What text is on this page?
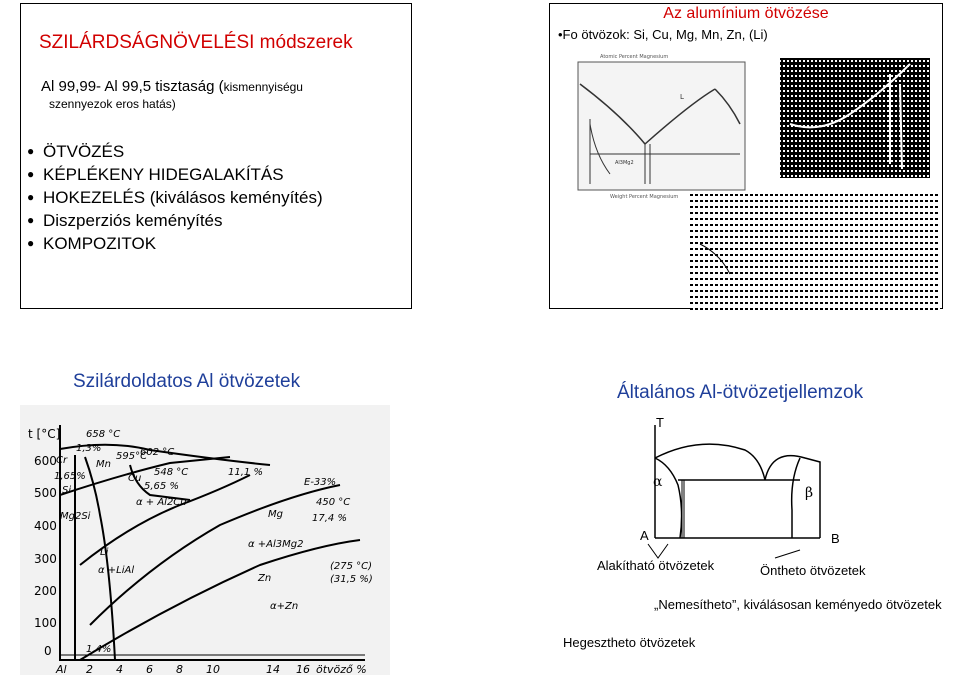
SZILÁRDSÁGNÖVELÉSI módszerek
Al 99,99- Al 99,5 tisztaság (kismennyiségu
szennyezok eros hatás)
● ÖTVÖZÉS
● KÉPLÉKENY HIDEGALAKÍTÁS
● HOKEZELÉS (kiválásos keményítés)
● Diszperziós keményítés
● KOMPOZITOK
Az alumínium ötvözése
•Fo ötvözok: Si, Cu, Mg, Mn, Zn, (Li)
L
Al3Mg2
Atomic Percent Magnesium
Weight Percent Magnesium
Szilárdoldatos Al ötvözetek
t [°C]
600
500
400
300
200
100
0
Al 2 4 6 8 10	14 16 ötvöző %
658 °C
602 °C
595°C
548 °C
5,65 %
11,1 %
E-33%
450 °C
17,4 %
(275 °C)
(31,5 %)
1,65%
1,4%
1,3%
Mn
Si
Cu
Mg2Si	Mg
Li
Zn
Cr
α + Al2Cu
α +Al3Mg2
α +LiAl
α+Zn
Általános Al-ötvözetjellemzok
T
α
β
A	B
Alakítható ötvözetek	Öntheto ötvözetek
„Nemesítheto”, kiválásosan keményedo ötvözetek
Hegesztheto ötvözetek
